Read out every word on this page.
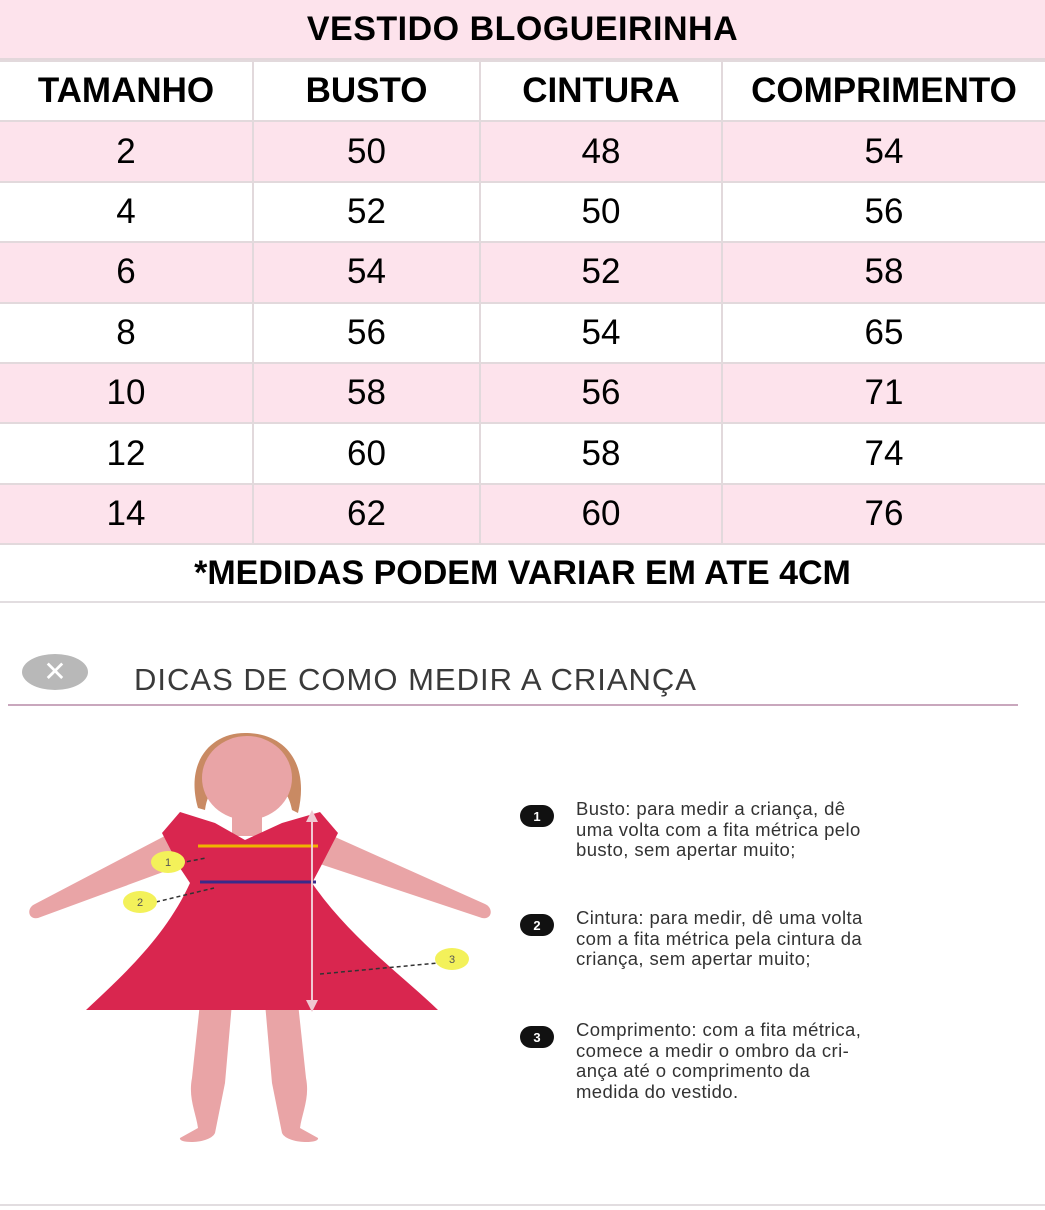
VESTIDO BLOGUEIRINHA
TAMANHO	BUSTO	CINTURA	COMPRIMENTO
2	50	48	54
4	52	50	56
6	54	52	58
8	56	54	65
10	58	56	71
12	60	58	74
14	62	60	76
*MEDIDAS PODEM VARIAR EM ATE 4CM
✕	DICAS DE COMO MEDIR A CRIANÇA
1
2
3
1	Busto: para medir a criança, dê
uma volta com a fita métrica pelo
busto, sem apertar muito;
2	Cintura: para medir, dê uma volta
com a fita métrica pela cintura da
criança, sem apertar muito;
3	Comprimento: com a fita métrica,
comece a medir o ombro da cri-
ança até o comprimento da
medida do vestido.
